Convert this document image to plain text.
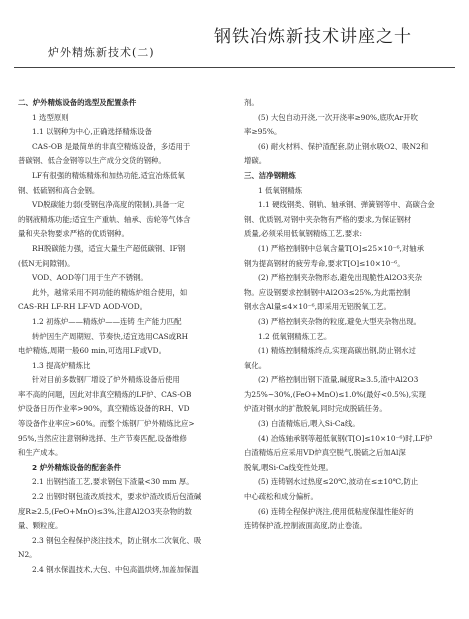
钢铁冶炼新技术讲座之十
炉外精炼新技术(二)
二、炉外精炼设备的选型及配置条件
1 选型原则
1.1 以钢种为中心,正确选择精炼设备
CAS-OB 是最简单的非真空精炼设备，多适用于
普碳钢、低合金钢等以生产成分交货的钢种。
LF有很强的精炼精炼和加热功能,适宜冶炼低氧
钢、低硫钢和高合金钢。
VD脱碳能力弱(受钢包净高度的限制),具备一定
的钢液精炼功能;适宜生产重轨、轴承、齿轮等气体含
量和夹杂物要求严格的优质钢种。
RH脱碳能力强，适宜大量生产超低碳钢、IF钢
(低N无间隙钢)。
VOD、AOD等门用于生产不锈钢。
此外，越常采用不同功能的精炼炉组合使用，如
CAS-RH LF-RH LF-VD AOD-VOD。
1.2 初炼炉——精炼炉——连铸 生产能力匹配
转炉因生产周期短、节奏快,适宜选用CAS或RH
电炉精炼,周期一般60 min,可选用LF或VD。
1.3 提高炉精炼比
针对目前多数钢厂增设了炉外精炼设备后使用
率不高的问题，因此对非真空精炼的LF炉、CAS-OB
炉设备日历作业率>90%，真空精炼设备的RH、VD
等设备作业率应>60%。而整个炼钢厂炉外精炼比应>
95%,当然应注意钢种选择、生产节奏匹配,设备维修
和生产成本。
2 炉外精炼设备的配套条件
2.1 出钢挡渣工艺,要求钢包下渣量<30 mm 厚。
2.2 出钢时钢包渣改质技术，要求炉渣改质后包渣碱
度R≥2.5,(FeO+MnO)≤3%,注意Al2O3夹杂物的数
量、颗粒度。
2.3 钢包全程保护浇注技术，防止钢水二次氧化、吸
N2。
2.4 钢水保温技术,大包、中包高温烘烤,加盖加保温
剂。
(5) 大包自动开浇,一次开浇率≥90%,底吹Ar开吹
率≥95%。
(6) 耐火材料、保护渣配套,防止钢水吸O2、吸N2和
增碳。
三、洁净钢精炼
1 低氧钢精炼
1.1 硬线钢类、钢轨、轴承钢、弹簧钢等中、高碳合金
钢、优质钢,对钢中夹杂物有严格的要求,为保证钢材
质量,必须采用低氧钢精炼工艺,要求:
(1) 严格控制钢中总氧含量T[O]≤25×10⁻⁶,对轴承
钢为提高钢材的疲劳寿命,要求T[O]≤10×10⁻⁶。
(2) 严格控制夹杂物形态,避免出现脆性Al2O3夹杂
物。应设钢要求控制钢中Al2O3≤25%,为此需控制
钢水含Al量≤4×10⁻⁶,即采用无铝脱氧工艺。
(3) 严格控制夹杂物的粒度,避免大型夹杂物出现。
1.2 低氧钢精炼工艺。
(1) 精炼控制精炼终点,实现高碳出钢,防止钢水过
氧化。
(2) 严格控制出钢下渣量,碱度R≥3.5,渣中Al2O3
为25%~30%,(FeO+MnO)≤1.0%(最好<0.5%),实现
炉渣对钢水的扩散脱氧,同时完成脱硫任务。
(3) 白渣精炼后,喂入Si-Ca线。
(4) 冶炼轴承钢等超低氧钢(T[O]≤10×10⁻⁶)时,LF炉
白渣精炼后应采用VD炉真空脱气,脱硫之后加Al深
脱氧,喂Si-Ca线变性处理。
(5) 连铸钢水过热度≤20℃,波动在≤±10℃,防止
中心疏松和成分偏析。
(6) 连铸全程保护浇注,使用低粘度保温性能好的
连铸保护渣,控制液面高度,防止卷渣。
